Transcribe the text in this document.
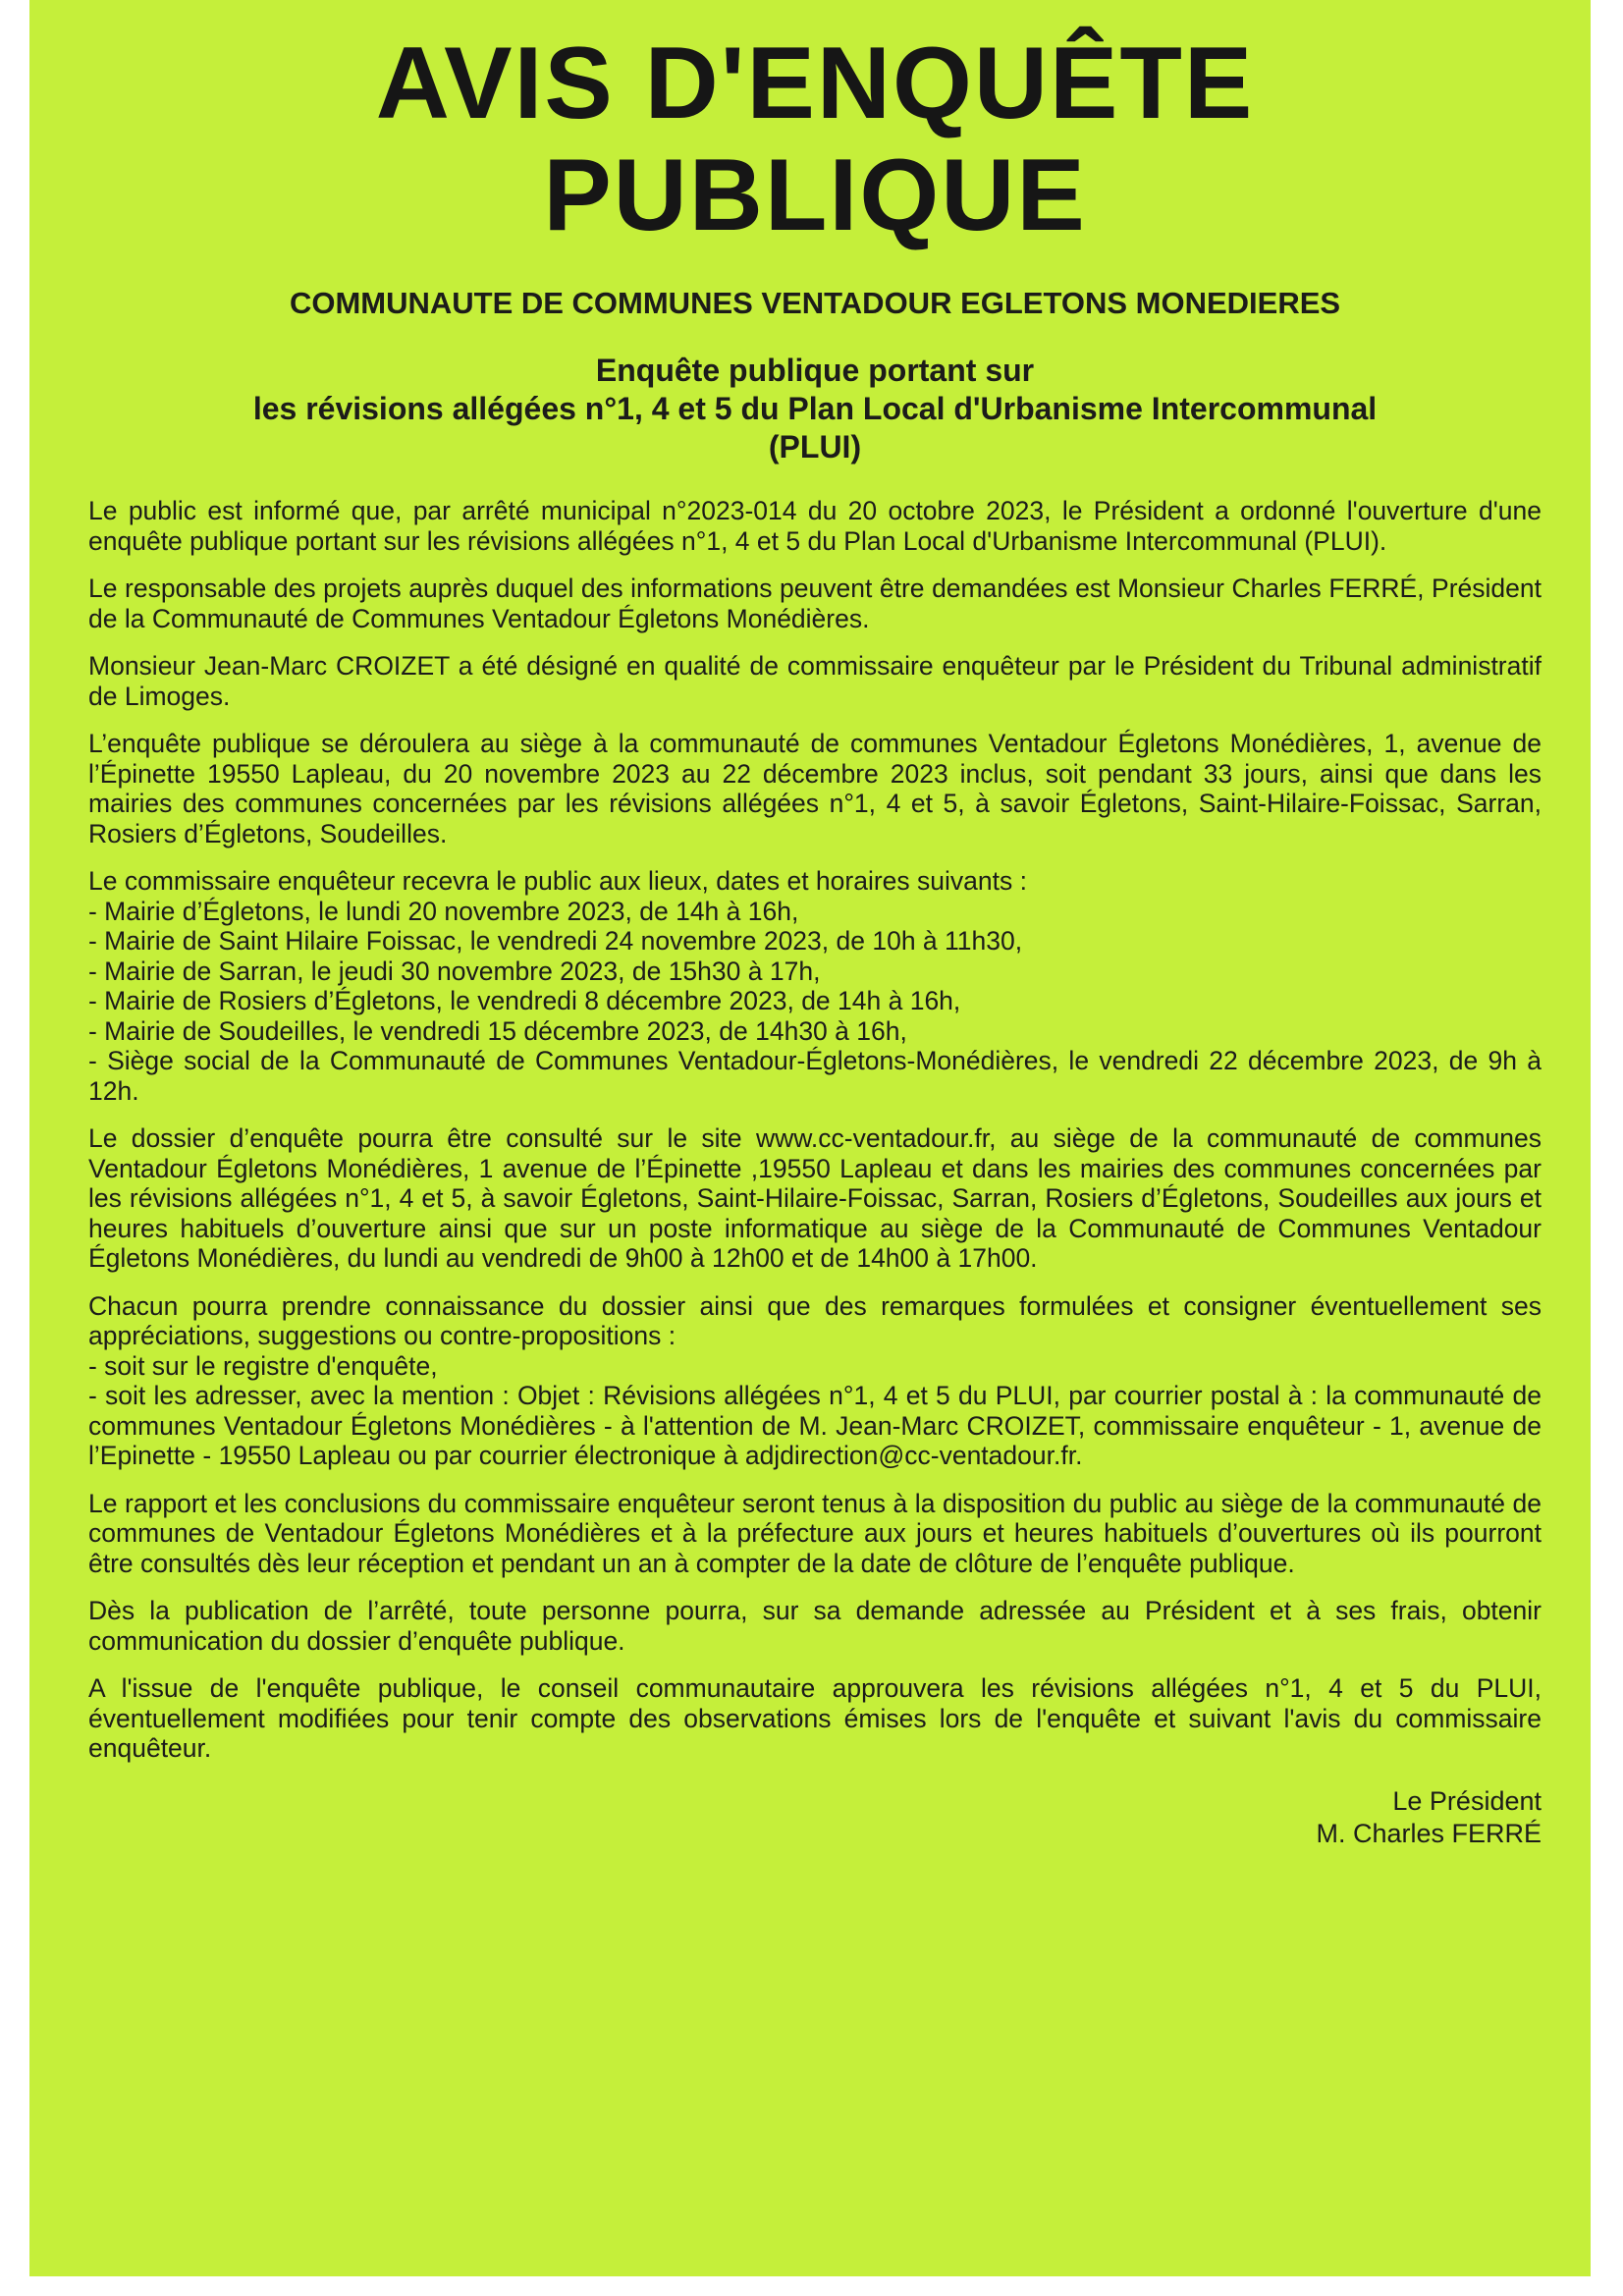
AVIS D'ENQUÊTE
PUBLIQUE
COMMUNAUTE DE COMMUNES VENTADOUR EGLETONS MONEDIERES
Enquête publique portant sur
les révisions allégées n°1, 4 et 5 du Plan Local d'Urbanisme Intercommunal
(PLUI)

Le public est informé que, par arrêté municipal n°2023-014 du 20 octobre 2023, le Président a ordonné l'ouverture d'une enquête publique portant sur les révisions allégées n°1, 4 et 5 du Plan Local d'Urbanisme Intercommunal (PLUI).

Le responsable des projets auprès duquel des informations peuvent être demandées est Monsieur Charles FERRÉ, Président de la Communauté de Communes Ventadour Égletons Monédières.

Monsieur Jean-Marc CROIZET a été désigné en qualité de commissaire enquêteur par le Président du Tribunal administratif de Limoges.

L’enquête publique se déroulera au siège à la communauté de communes Ventadour Égletons Monédières, 1, avenue de l’Épinette 19550 Lapleau, du 20 novembre 2023 au 22 décembre 2023 inclus, soit pendant 33 jours, ainsi que dans les mairies des communes concernées par les révisions allégées n°1, 4 et 5, à savoir Égletons, Saint-Hilaire-Foissac, Sarran, Rosiers d’Égletons, Soudeilles.

Le commissaire enquêteur recevra le public aux lieux, dates et horaires suivants :
- Mairie d’Égletons, le lundi 20 novembre 2023, de 14h à 16h,
- Mairie de Saint Hilaire Foissac, le vendredi 24 novembre 2023, de 10h à 11h30,
- Mairie de Sarran, le jeudi 30 novembre 2023, de 15h30 à 17h,
- Mairie de Rosiers d’Égletons, le vendredi 8 décembre 2023, de 14h à 16h,
- Mairie de Soudeilles, le vendredi 15 décembre 2023, de 14h30 à 16h,
- Siège social de la Communauté de Communes Ventadour-Égletons-Monédières, le vendredi 22 décembre 2023, de 9h à 12h.

Le dossier d’enquête pourra être consulté sur le site www.cc-ventadour.fr, au siège de la communauté de communes Ventadour Égletons Monédières, 1 avenue de l’Épinette ,19550 Lapleau et dans les mairies des communes concernées par les révisions allégées n°1, 4 et 5, à savoir Égletons, Saint-Hilaire-Foissac, Sarran, Rosiers d’Égletons, Soudeilles aux jours et heures habituels d’ouverture ainsi que sur un poste informatique au siège de la Communauté de Communes Ventadour Égletons Monédières, du lundi au vendredi de 9h00 à 12h00 et de 14h00 à 17h00.

Chacun pourra prendre connaissance du dossier ainsi que des remarques formulées et consigner éventuellement ses appréciations, suggestions ou contre-propositions :
- soit sur le registre d'enquête,
- soit les adresser, avec la mention : Objet : Révisions allégées n°1, 4 et 5 du PLUI, par courrier postal à : la communauté de communes Ventadour Égletons Monédières - à l'attention de M. Jean-Marc CROIZET, commissaire enquêteur - 1, avenue de l’Epinette - 19550 Lapleau ou par courrier électronique à adjdirection@cc-ventadour.fr.

Le rapport et les conclusions du commissaire enquêteur seront tenus à la disposition du public au siège de la communauté de communes de Ventadour Égletons Monédières et à la préfecture aux jours et heures habituels d’ouvertures où ils pourront être consultés dès leur réception et pendant un an à compter de la date de clôture de l’enquête publique.

Dès la publication de l’arrêté, toute personne pourra, sur sa demande adressée au Président et à ses frais, obtenir communication du dossier d’enquête publique.

A l'issue de l'enquête publique, le conseil communautaire approuvera les révisions allégées n°1, 4 et 5 du PLUI, éventuellement modifiées pour tenir compte des observations émises lors de l'enquête et suivant l'avis du commissaire enquêteur.

Le Président
M. Charles FERRÉ
